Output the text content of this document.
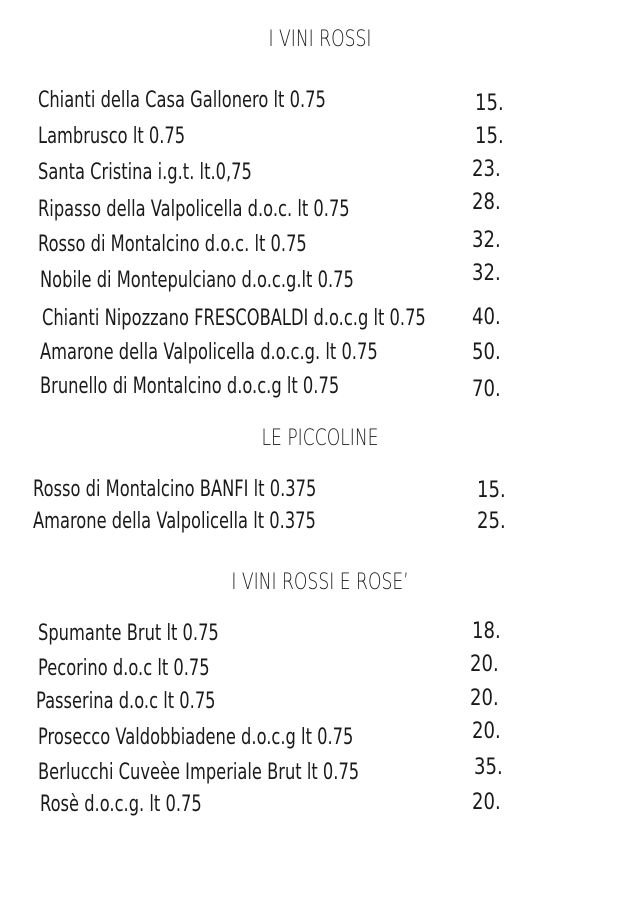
I VINI ROSSI
Chianti della Casa Gallonero lt 0.75	15.
Lambrusco lt 0.75	15.
Santa Cristina i.g.t. lt.0,75	23.
Ripasso della Valpolicella d.o.c. lt 0.75	28.
Rosso di Montalcino d.o.c. lt 0.75	32.
Nobile di Montepulciano d.o.c.g.lt 0.75	32.
Chianti Nipozzano FRESCOBALDI d.o.c.g lt 0.75 40.
Amarone della Valpolicella d.o.c.g. lt 0.75	50.
Brunello di Montalcino d.o.c.g lt 0.75	70.
LE PICCOLINE
Rosso di Montalcino BANFI lt 0.375	15.
Amarone della Valpolicella lt 0.375	25.
I VINI ROSSI E ROSE’
Spumante Brut lt 0.75	18.
Pecorino d.o.c lt 0.75	20.
Passerina d.o.c lt 0.75	20.
Prosecco Valdobbiadene d.o.c.g lt 0.75	20.
Berlucchi Cuveèe Imperiale Brut lt 0.75	35.
Rosè d.o.c.g. lt 0.75	20.
